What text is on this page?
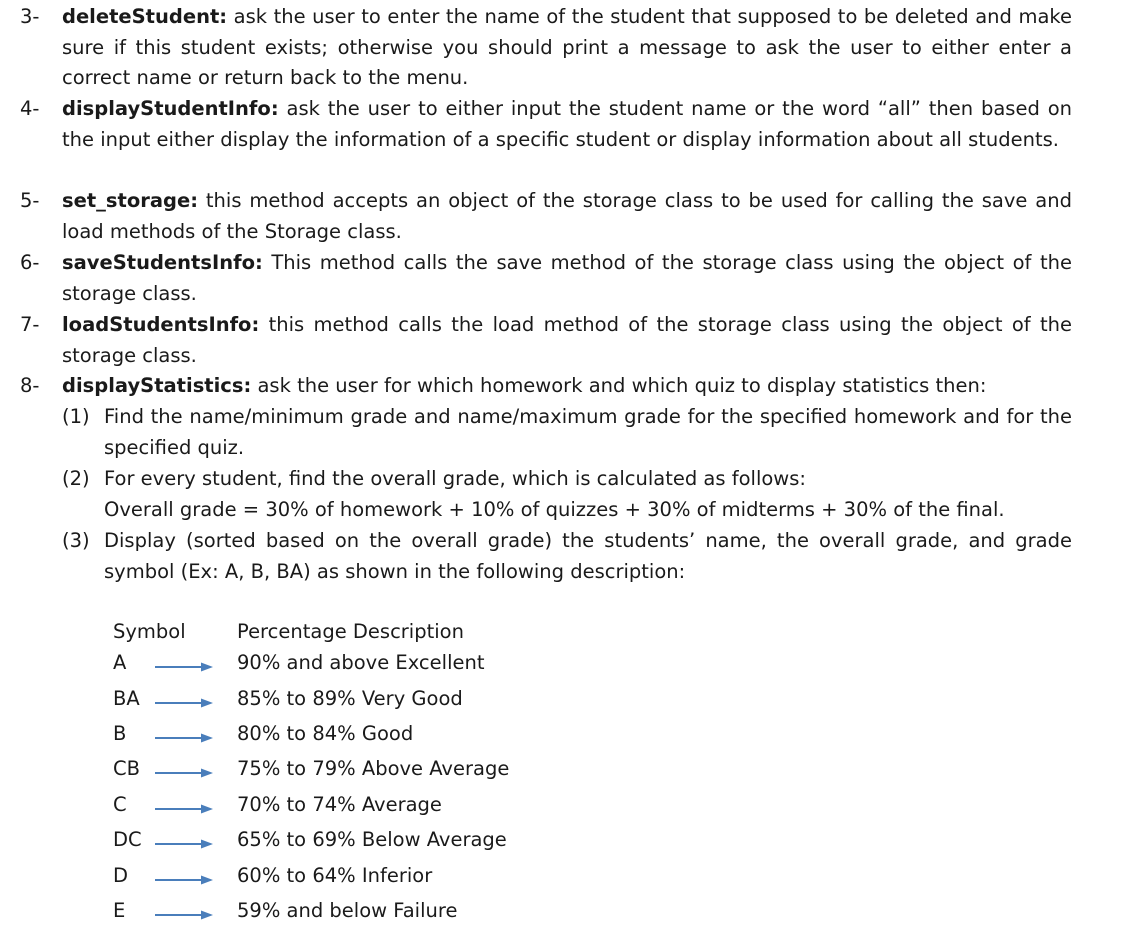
3- deleteStudent: ask the user to enter the name of the student that supposed to be deleted and make sure if this student exists; otherwise you should print a message to ask the user to either enter a correct name or return back to the menu.
4- displayStudentInfo: ask the user to either input the student name or the word “all” then based on the input either display the information of a specific student or display information about all students.
5- set_storage: this method accepts an object of the storage class to be used for calling the save and load methods of the Storage class.
6- saveStudentsInfo: This method calls the save method of the storage class using the object of the storage class.
7- loadStudentsInfo: this method calls the load method of the storage class using the object of the storage class.
8- displayStatistics: ask the user for which homework and which quiz to display statistics then:
(1) Find the name/minimum grade and name/maximum grade for the specified homework and for the specified quiz.
(2) For every student, find the overall grade, which is calculated as follows:
Overall grade = 30% of homework + 10% of quizzes + 30% of midterms + 30% of the final.
(3) Display (sorted based on the overall grade) the students’ name, the overall grade, and grade symbol (Ex: A, B, BA) as shown in the following description:
Symbol	Percentage Description
A	90% and above Excellent
BA	85% to 89% Very Good
B	80% to 84% Good
CB	75% to 79% Above Average
C	70% to 74% Average
DC	65% to 69% Below Average
D	60% to 64% Inferior
E	59% and below Failure
